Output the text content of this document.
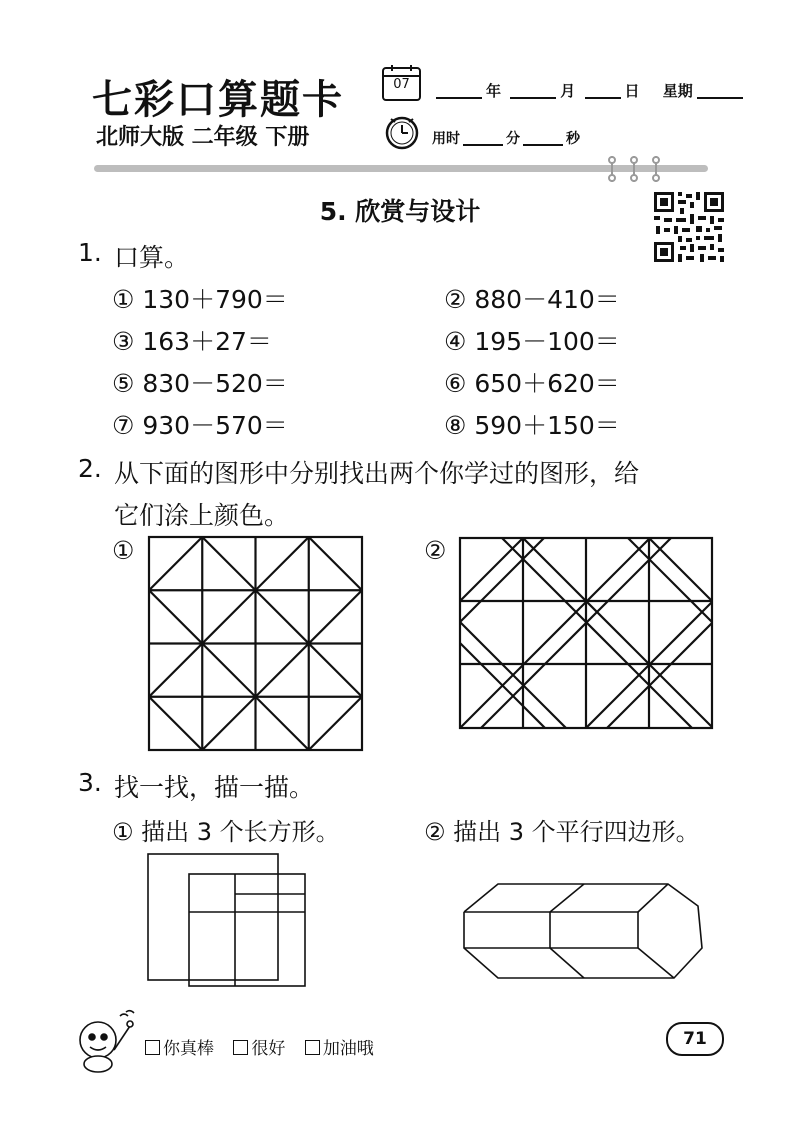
七彩口算题卡
北师大版 二年级 下册
07	年	月	日 星期
用时	分	秒
5. 欣赏与设计
1. 口算。
① 130＋790＝	② 880－410＝
③ 163＋27＝	④ 195－100＝
⑤ 830－520＝	⑥ 650＋620＝
⑦ 930－570＝	⑧ 590＋150＝
2. 从下面的图形中分别找出两个你学过的图形，给
它们涂上颜色。
①	②
3. 找一找，描一描。
① 描出 3 个长方形。	② 描出 3 个平行四边形。
你真棒 很好 加油哦	71
